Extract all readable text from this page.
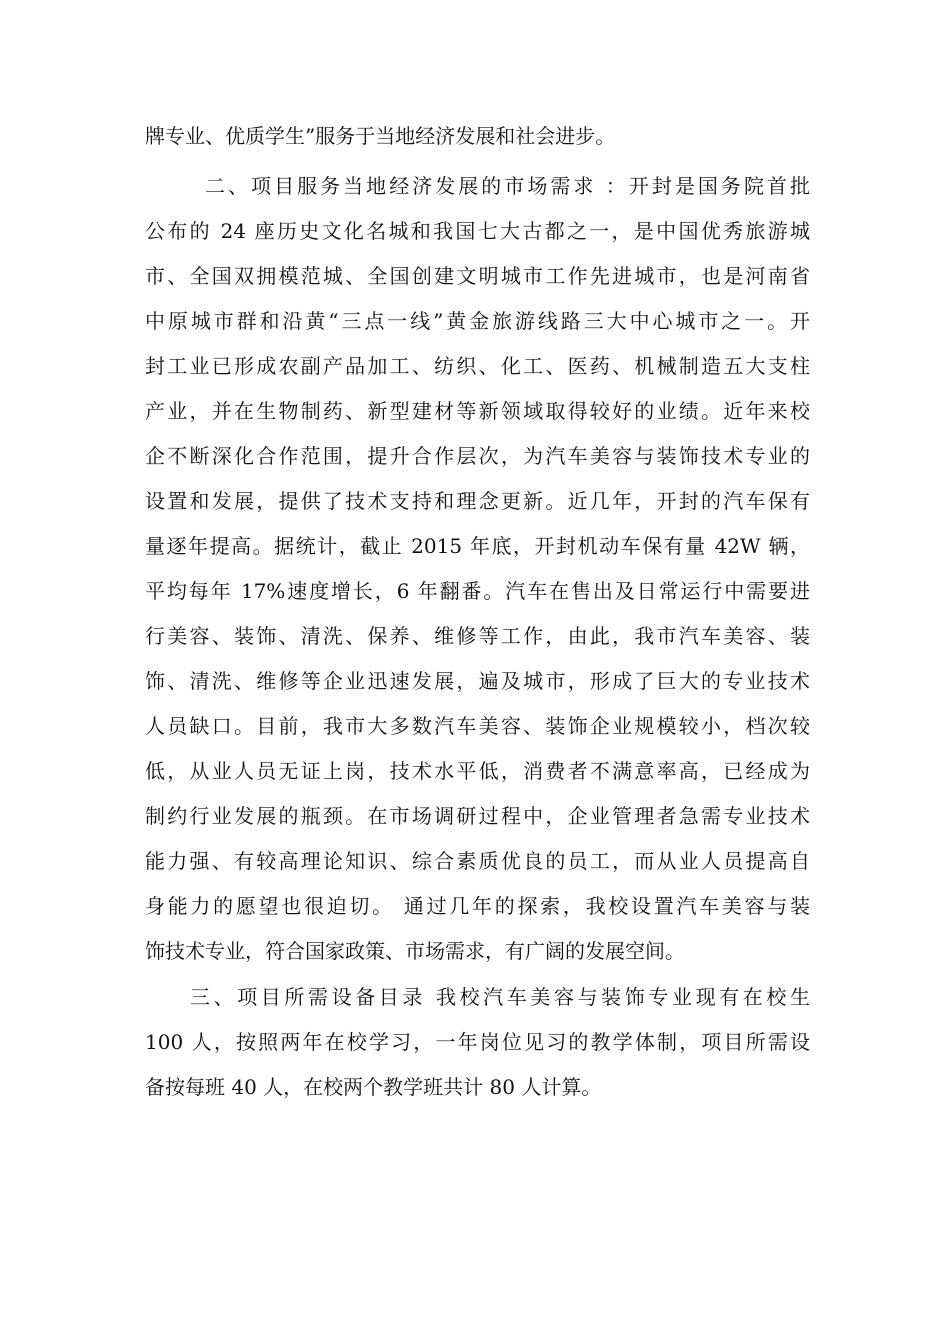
牌专业、优质学生”服务于当地经济发展和社会进步。
二、项目服务当地经济发展的市场需求 ：开封是国务院首批
公布的 24 座历史文化名城和我国七大古都之一，是中国优秀旅游城
市、全国双拥模范城、全国创建文明城市工作先进城市，也是河南省
中原城市群和沿黄“三点一线”黄金旅游线路三大中心城市之一。开
封工业已形成农副产品加工、纺织、化工、医药、机械制造五大支柱
产业，并在生物制药、新型建材等新领域取得较好的业绩。近年来校
企不断深化合作范围，提升合作层次，为汽车美容与装饰技术专业的
设置和发展，提供了技术支持和理念更新。近几年，开封的汽车保有
量逐年提高。据统计，截止 2015 年底，开封机动车保有量 42W 辆，
平均每年 17%速度增长，6 年翻番。汽车在售出及日常运行中需要进
行美容、装饰、清洗、保养、维修等工作，由此，我市汽车美容、装
饰、清洗、维修等企业迅速发展，遍及城市，形成了巨大的专业技术
人员缺口。目前，我市大多数汽车美容、装饰企业规模较小，档次较
低，从业人员无证上岗，技术水平低，消费者不满意率高，已经成为
制约行业发展的瓶颈。在市场调研过程中，企业管理者急需专业技术
能力强、有较高理论知识、综合素质优良的员工，而从业人员提高自
身能力的愿望也很迫切。 通过几年的探索，我校设置汽车美容与装
饰技术专业，符合国家政策、市场需求，有广阔的发展空间。
三、项目所需设备目录 我校汽车美容与装饰专业现有在校生
100 人，按照两年在校学习，一年岗位见习的教学体制，项目所需设
备按每班 40 人，在校两个教学班共计 80 人计算。
